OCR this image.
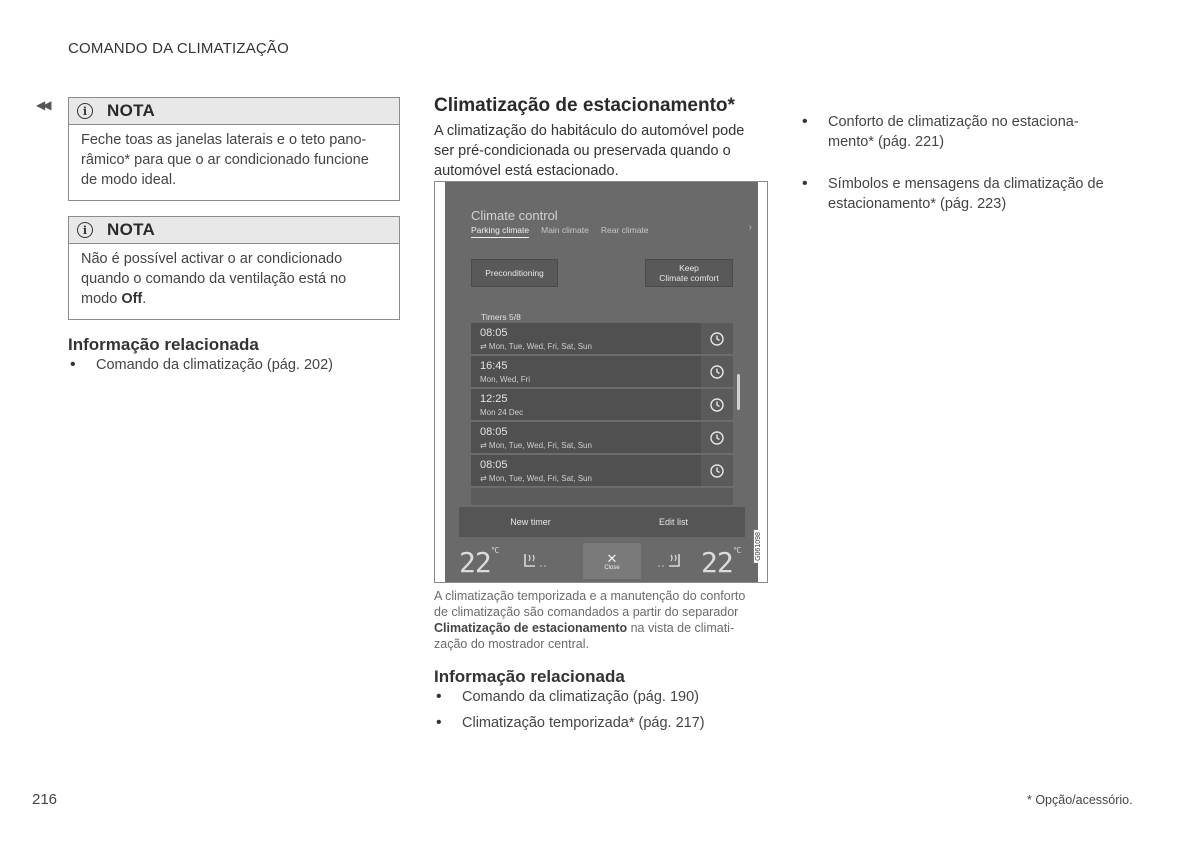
COMANDO DA CLIMATIZAÇÃO
◀◀	i	NOTA
Feche toas as janelas laterais e o teto pano-
râmico* para que o ar condicionado funcione
de modo ideal.
i	NOTA
Não é possível activar o ar condicionado
quando o comando da ventilação está no
modo Off.
Informação relacionada
• Comando da climatização (pág. 202)
Climatização de estacionamento*
A climatização do habitáculo do automóvel pode
ser pré-condicionada ou preservada quando o
automóvel está estacionado.
Climate control
Parking climate Main climate Rear climate	›
Preconditioning	Keep
Climate comfort
Timers 5/8
08:05
⇄ Mon, Tue, Wed, Fri, Sat, Sun
16:45
Mon, Wed, Fri
12:25
Mon 24 Dec
08:05
⇄ Mon, Tue, Wed, Fri, Sat, Sun
08:05
⇄ Mon, Tue, Wed, Fri, Sat, Sun
New timer	Edit list
$22^{^\circ C}$	✕
Close	$22^{^\circ C}$ G061098
A climatização temporizada e a manutenção do conforto
de climatização são comandados a partir do separador
Climatização de estacionamento na vista de climati-
zação do mostrador central.
Informação relacionada
• Comando da climatização (pág. 190)
• Climatização temporizada* (pág. 217)

• Conforto de climatização no estaciona-
mento* (pág. 221)

• Símbolos e mensagens da climatização de
estacionamento* (pág. 223)

216	* Opção/acessório.
